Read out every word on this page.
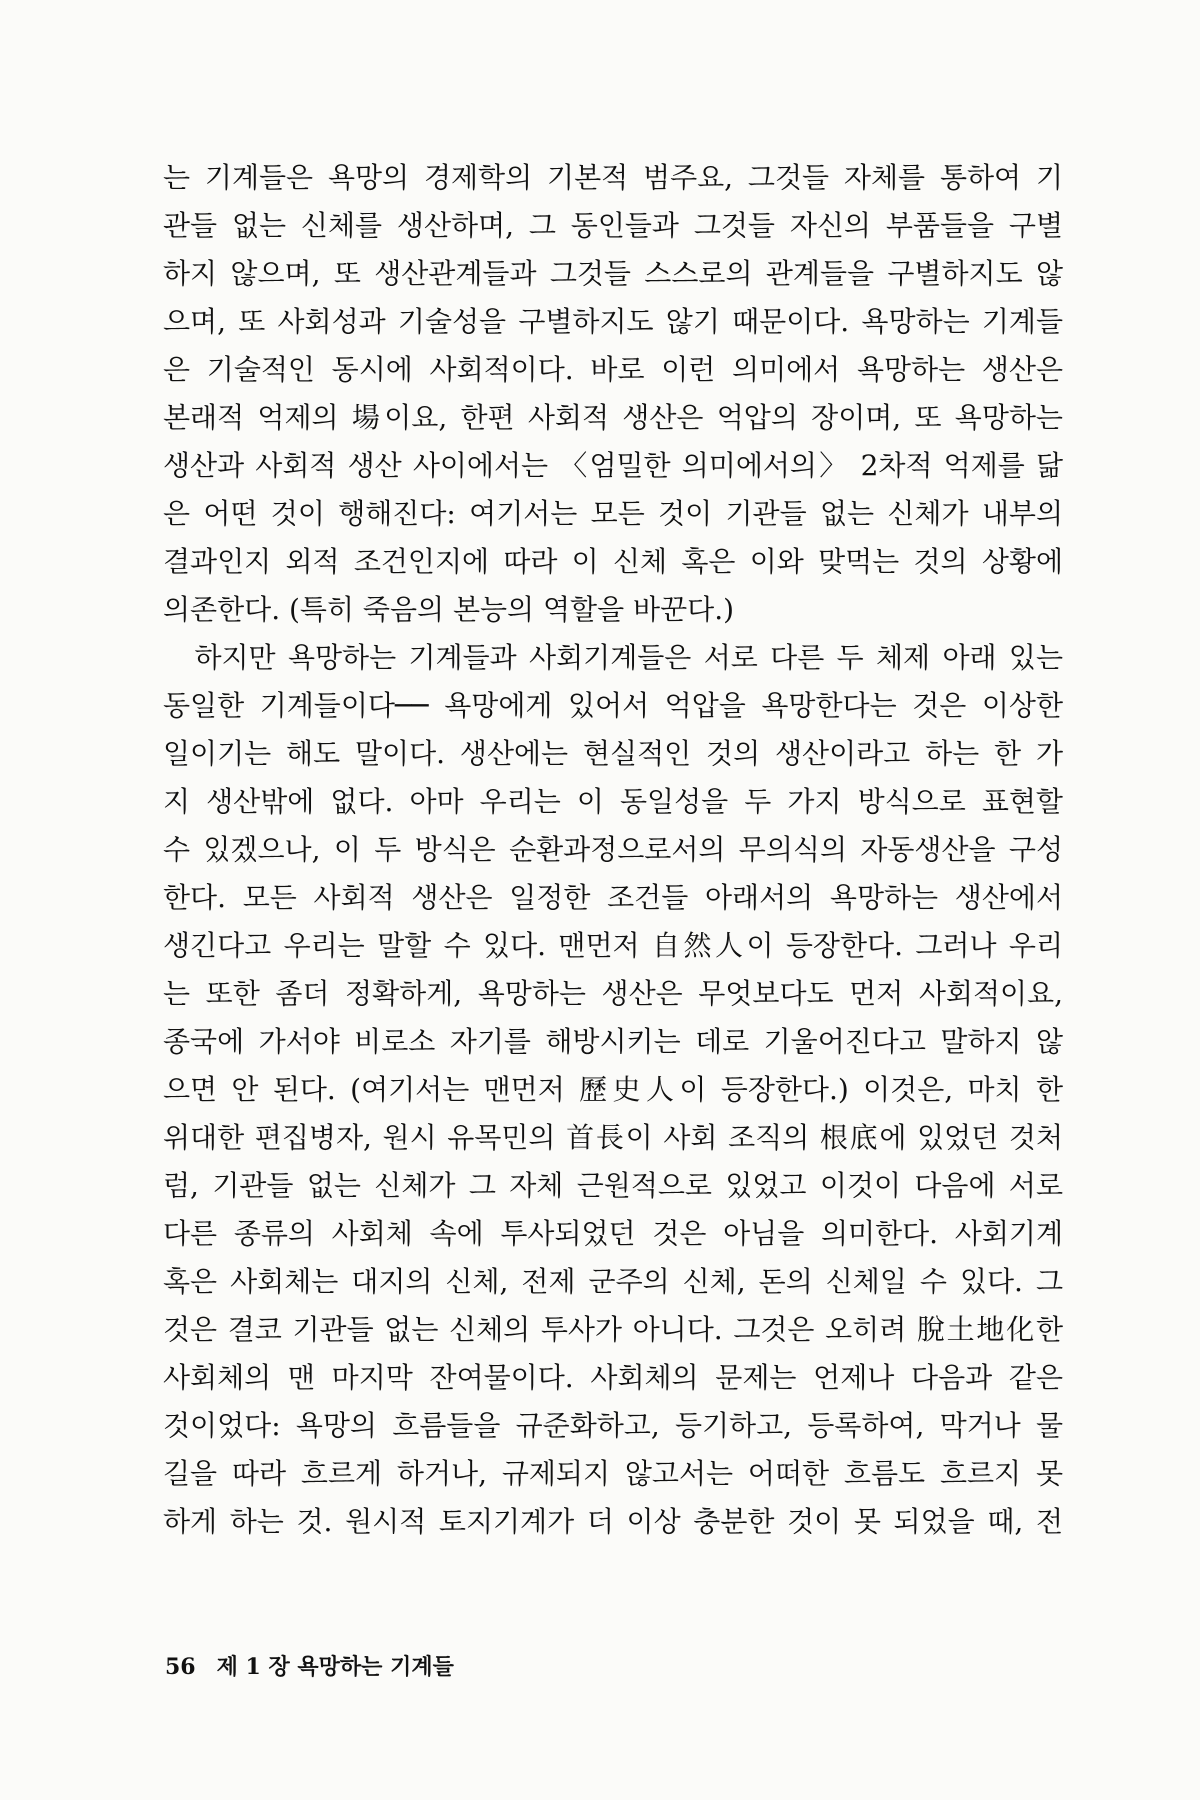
는 기계들은 욕망의 경제학의 기본적 범주요, 그것들 자체를 통하여 기
관들 없는 신체를 생산하며, 그 동인들과 그것들 자신의 부품들을 구별
하지 않으며, 또 생산관계들과 그것들 스스로의 관계들을 구별하지도 않
으며, 또 사회성과 기술성을 구별하지도 않기 때문이다. 욕망하는 기계들
은 기술적인 동시에 사회적이다. 바로 이런 의미에서 욕망하는 생산은
본래적 억제의 場이요, 한편 사회적 생산은 억압의 장이며, 또 욕망하는
생산과 사회적 생산 사이에서는 〈엄밀한 의미에서의〉 2차적 억제를 닮
은 어떤 것이 행해진다: 여기서는 모든 것이 기관들 없는 신체가 내부의
결과인지 외적 조건인지에 따라 이 신체 혹은 이와 맞먹는 것의 상황에
의존한다. (특히 죽음의 본능의 역할을 바꾼다.)
　하지만 욕망하는 기계들과 사회기계들은 서로 다른 두 체제 아래 있는
동일한 기계들이다── 욕망에게 있어서 억압을 욕망한다는 것은 이상한
일이기는 해도 말이다. 생산에는 현실적인 것의 생산이라고 하는 한 가
지 생산밖에 없다. 아마 우리는 이 동일성을 두 가지 방식으로 표현할
수 있겠으나, 이 두 방식은 순환과정으로서의 무의식의 자동생산을 구성
한다. 모든 사회적 생산은 일정한 조건들 아래서의 욕망하는 생산에서
생긴다고 우리는 말할 수 있다. 맨먼저 自然人이 등장한다. 그러나 우리
는 또한 좀더 정확하게, 욕망하는 생산은 무엇보다도 먼저 사회적이요,
종국에 가서야 비로소 자기를 해방시키는 데로 기울어진다고 말하지 않
으면 안 된다. (여기서는 맨먼저 歷史人이 등장한다.) 이것은, 마치 한
위대한 편집병자, 원시 유목민의 首長이 사회 조직의 根底에 있었던 것처
럼, 기관들 없는 신체가 그 자체 근원적으로 있었고 이것이 다음에 서로
다른 종류의 사회체 속에 투사되었던 것은 아님을 의미한다. 사회기계
혹은 사회체는 대지의 신체, 전제 군주의 신체, 돈의 신체일 수 있다. 그
것은 결코 기관들 없는 신체의 투사가 아니다. 그것은 오히려 脫土地化한
사회체의 맨 마지막 잔여물이다. 사회체의 문제는 언제나 다음과 같은
것이었다: 욕망의 흐름들을 규준화하고, 등기하고, 등록하여, 막거나 물
길을 따라 흐르게 하거나, 규제되지 않고서는 어떠한 흐름도 흐르지 못
하게 하는 것. 원시적 토지기계가 더 이상 충분한 것이 못 되었을 때, 전
56 제 1 장 욕망하는 기계들
